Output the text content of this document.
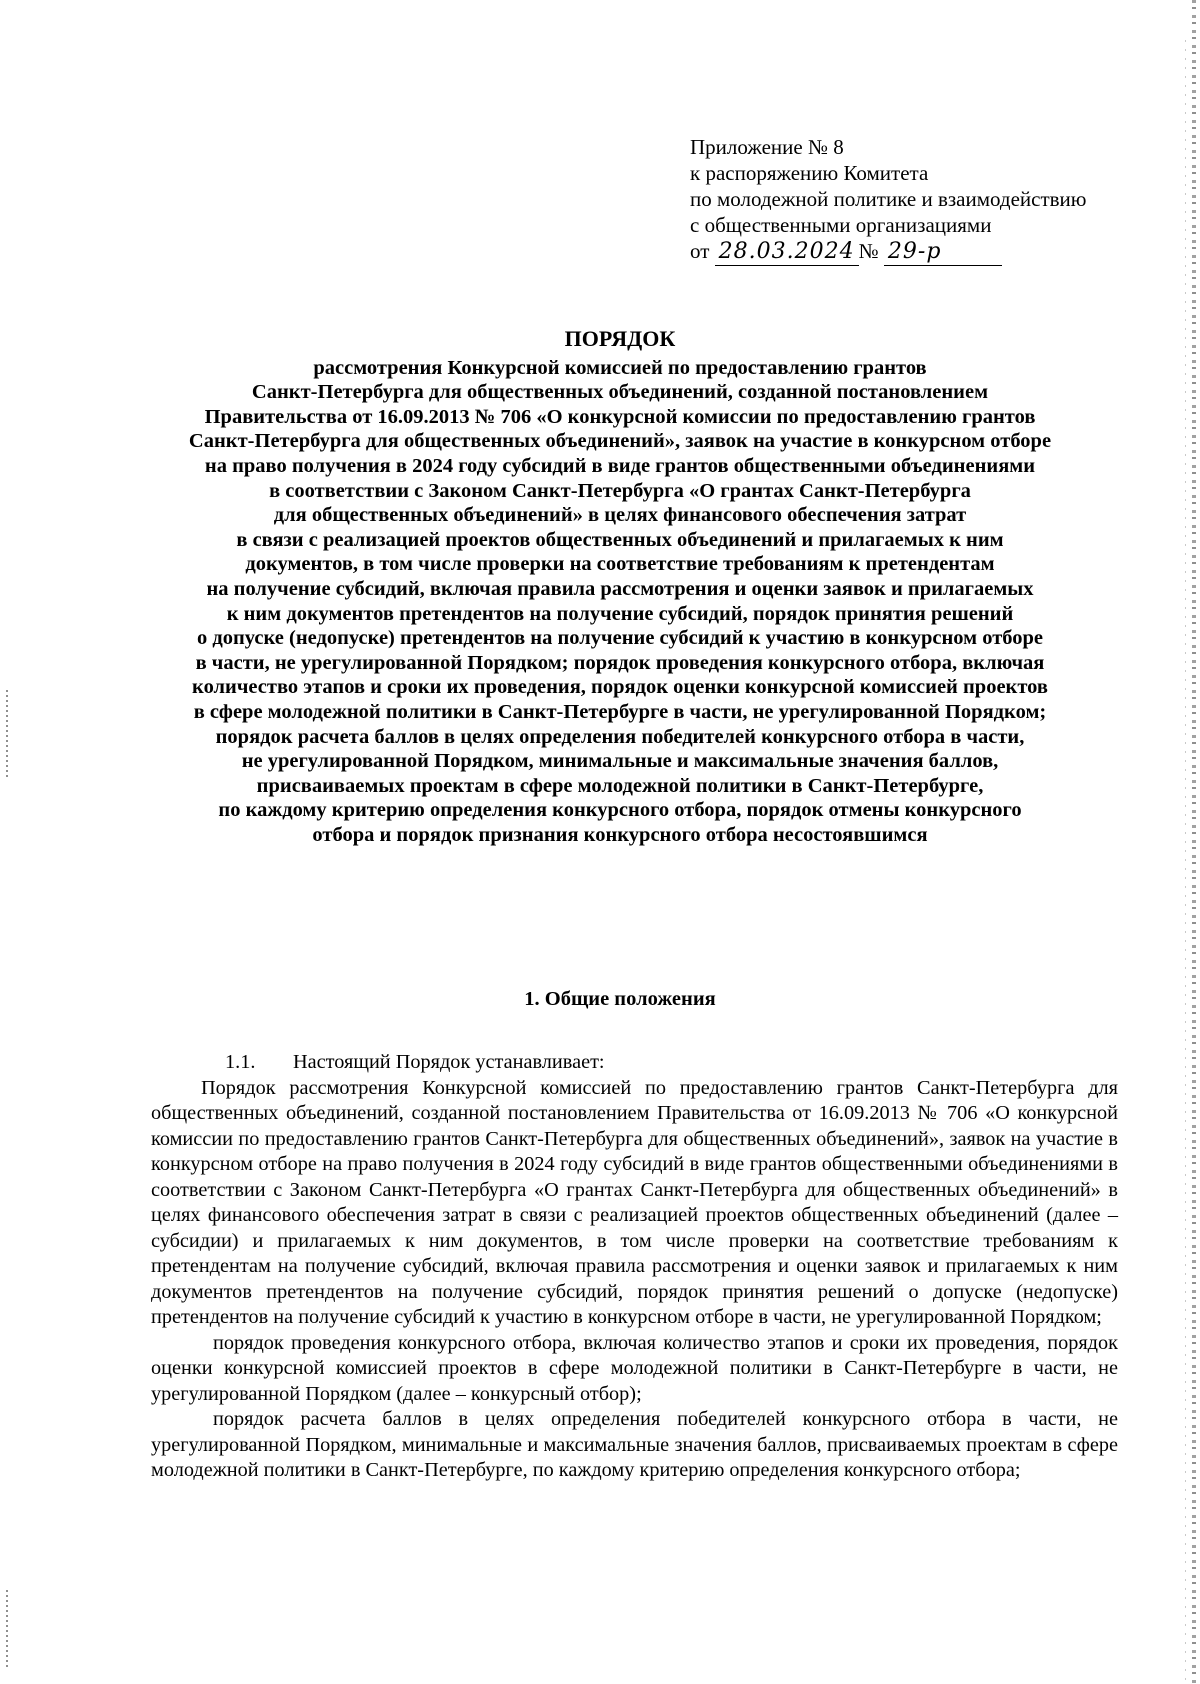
Приложение № 8
к распоряжению Комитета
по молодежной политике и взаимодействию
с общественными организациями
от 28.03.2024 № 29-р
ПОРЯДОК
рассмотрения Конкурсной комиссией по предоставлению грантов
Санкт-Петербурга для общественных объединений, созданной постановлением
Правительства от 16.09.2013 № 706 «О конкурсной комиссии по предоставлению грантов
Санкт-Петербурга для общественных объединений», заявок на участие в конкурсном отборе
на право получения в 2024 году субсидий в виде грантов общественными объединениями
в соответствии с Законом Санкт-Петербурга «О грантах Санкт-Петербурга
для общественных объединений» в целях финансового обеспечения затрат
в связи с реализацией проектов общественных объединений и прилагаемых к ним
документов, в том числе проверки на соответствие требованиям к претендентам
на получение субсидий, включая правила рассмотрения и оценки заявок и прилагаемых
к ним документов претендентов на получение субсидий, порядок принятия решений
о допуске (недопуске) претендентов на получение субсидий к участию в конкурсном отборе
в части, не урегулированной Порядком; порядок проведения конкурсного отбора, включая
количество этапов и сроки их проведения, порядок оценки конкурсной комиссией проектов
в сфере молодежной политики в Санкт-Петербурге в части, не урегулированной Порядком;
порядок расчета баллов в целях определения победителей конкурсного отбора в части,
не урегулированной Порядком, минимальные и максимальные значения баллов,
присваиваемых проектам в сфере молодежной политики в Санкт-Петербурге,
по каждому критерию определения конкурсного отбора, порядок отмены конкурсного
отбора и порядок признания конкурсного отбора несостоявшимся
1. Общие положения

1.1. Настоящий Порядок устанавливает:

Порядок рассмотрения Конкурсной комиссией по предоставлению грантов Санкт-Петербурга для общественных объединений, созданной постановлением Правительства от 16.09.2013 № 706 «О конкурсной комиссии по предоставлению грантов Санкт-Петербурга для общественных объединений», заявок на участие в конкурсном отборе на право получения в 2024 году субсидий в виде грантов общественными объединениями в соответствии с Законом Санкт-Петербурга «О грантах Санкт-Петербурга для общественных объединений» в целях финансового обеспечения затрат в связи с реализацией проектов общественных объединений (далее – субсидии) и прилагаемых к ним документов, в том числе проверки на соответствие требованиям к претендентам на получение субсидий, включая правила рассмотрения и оценки заявок и прилагаемых к ним документов претендентов на получение субсидий, порядок принятия решений о допуске (недопуске) претендентов на получение субсидий к участию в конкурсном отборе в части, не урегулированной Порядком;

порядок проведения конкурсного отбора, включая количество этапов и сроки их проведения, порядок оценки конкурсной комиссией проектов в сфере молодежной политики в Санкт-Петербурге в части, не урегулированной Порядком (далее – конкурсный отбор);

порядок расчета баллов в целях определения победителей конкурсного отбора в части, не урегулированной Порядком, минимальные и максимальные значения баллов, присваиваемых проектам в сфере молодежной политики в Санкт-Петербурге, по каждому критерию определения конкурсного отбора;
